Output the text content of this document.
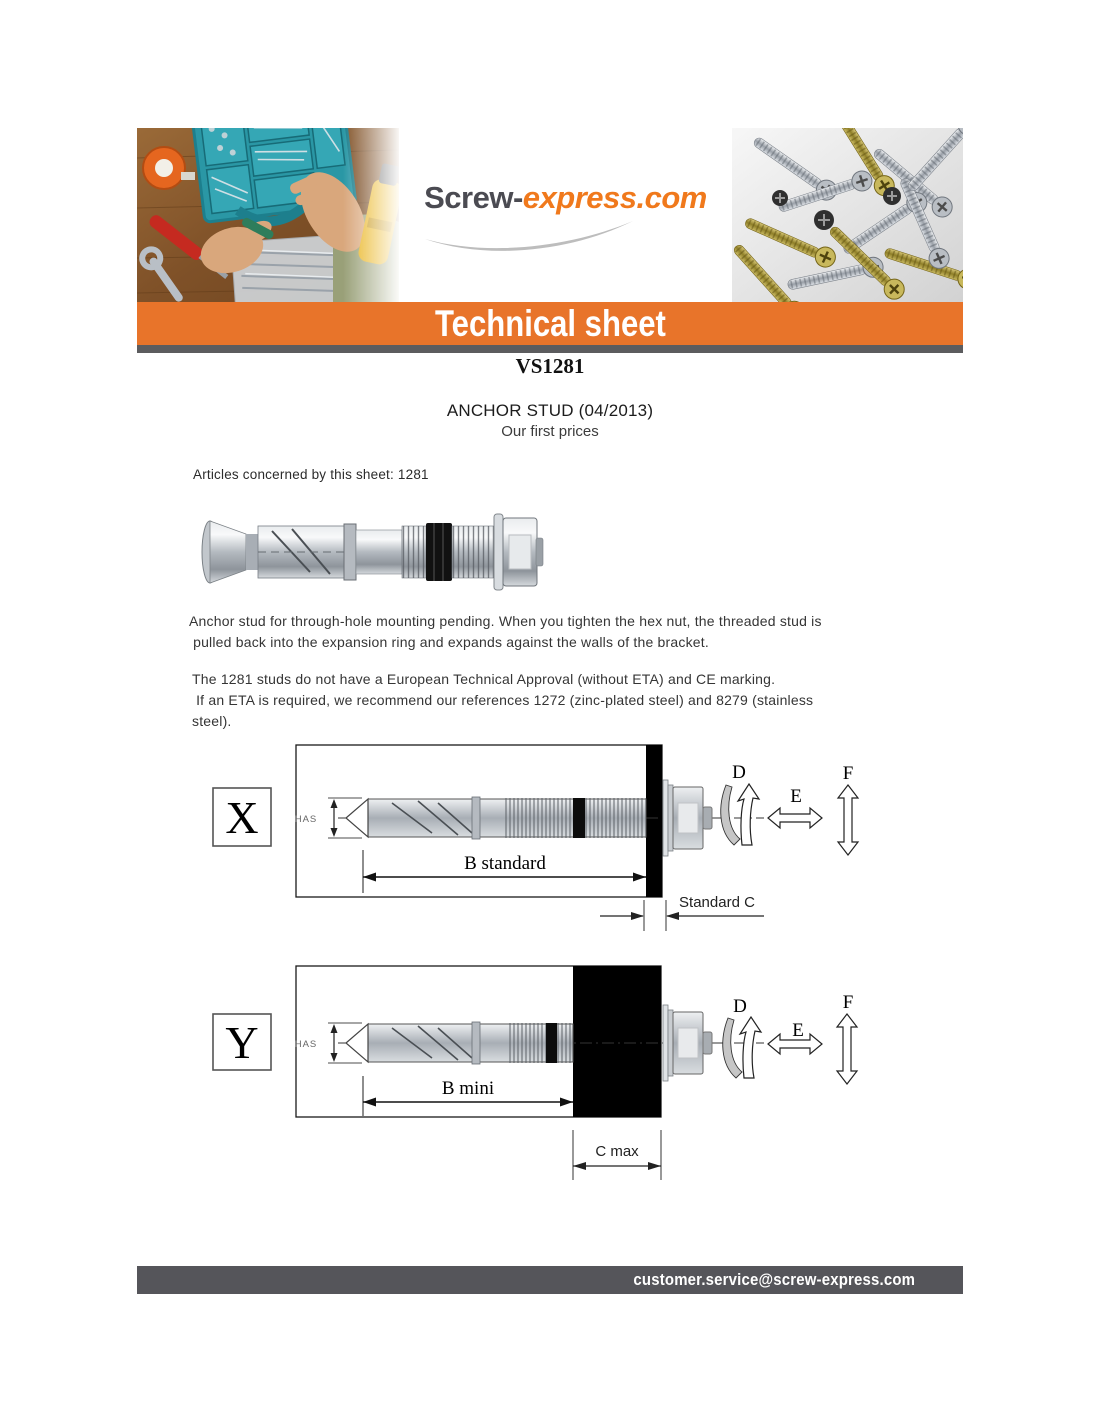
Screw-express.com
Technical sheet
VS1281
ANCHOR STUD (04/2013)
Our first prices
Articles concerned by this sheet: 1281
Anchor stud for through-hole mounting pending. When you tighten the hex nut, the threaded stud is
pulled back into the expansion ring and expands against the walls of the bracket.
The 1281 studs do not have a European Technical Approval (without ETA) and CE marking.
If an ETA is required, we recommend our references 1272 (zinc-plated steel) and 8279 (stainless
steel).
X	HAS
B standard
D
E
F
Standard C
Y	HAS
B mini
D
E
F
C max
customer.service@screw-express.com
